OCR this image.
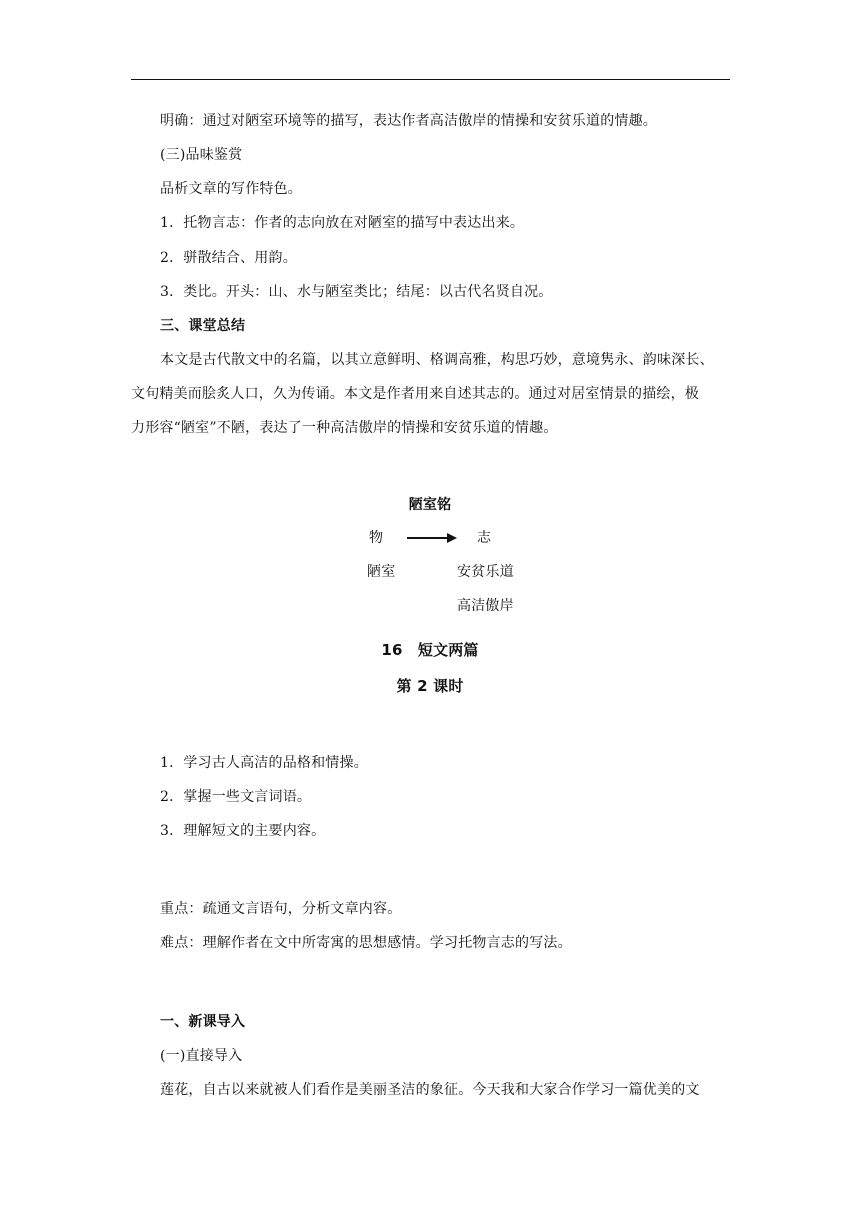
明确：通过对陋室环境等的描写，表达作者高洁傲岸的情操和安贫乐道的情趣。
(三)品味鉴赏
品析文章的写作特色。
1．托物言志：作者的志向放在对陋室的描写中表达出来。
2．骈散结合、用韵。
3．类比。开头：山、水与陋室类比；结尾：以古代名贤自况。
三、课堂总结
本文是古代散文中的名篇，以其立意鲜明、格调高雅，构思巧妙，意境隽永、韵味深长、
文句精美而脍炙人口，久为传诵。本文是作者用来自述其志的。通过对居室情景的描绘，极
力形容“陋室”不陋，表达了一种高洁傲岸的情操和安贫乐道的情趣。
陋室铭
物	志
陋室	安贫乐道
高洁傲岸
16　短文两篇
第 2 课时
1．学习古人高洁的品格和情操。
2．掌握一些文言词语。
3．理解短文的主要内容。
重点：疏通文言语句，分析文章内容。
难点：理解作者在文中所寄寓的思想感情。学习托物言志的写法。
一、新课导入
(一)直接导入
莲花，自古以来就被人们看作是美丽圣洁的象征。今天我和大家合作学习一篇优美的文
